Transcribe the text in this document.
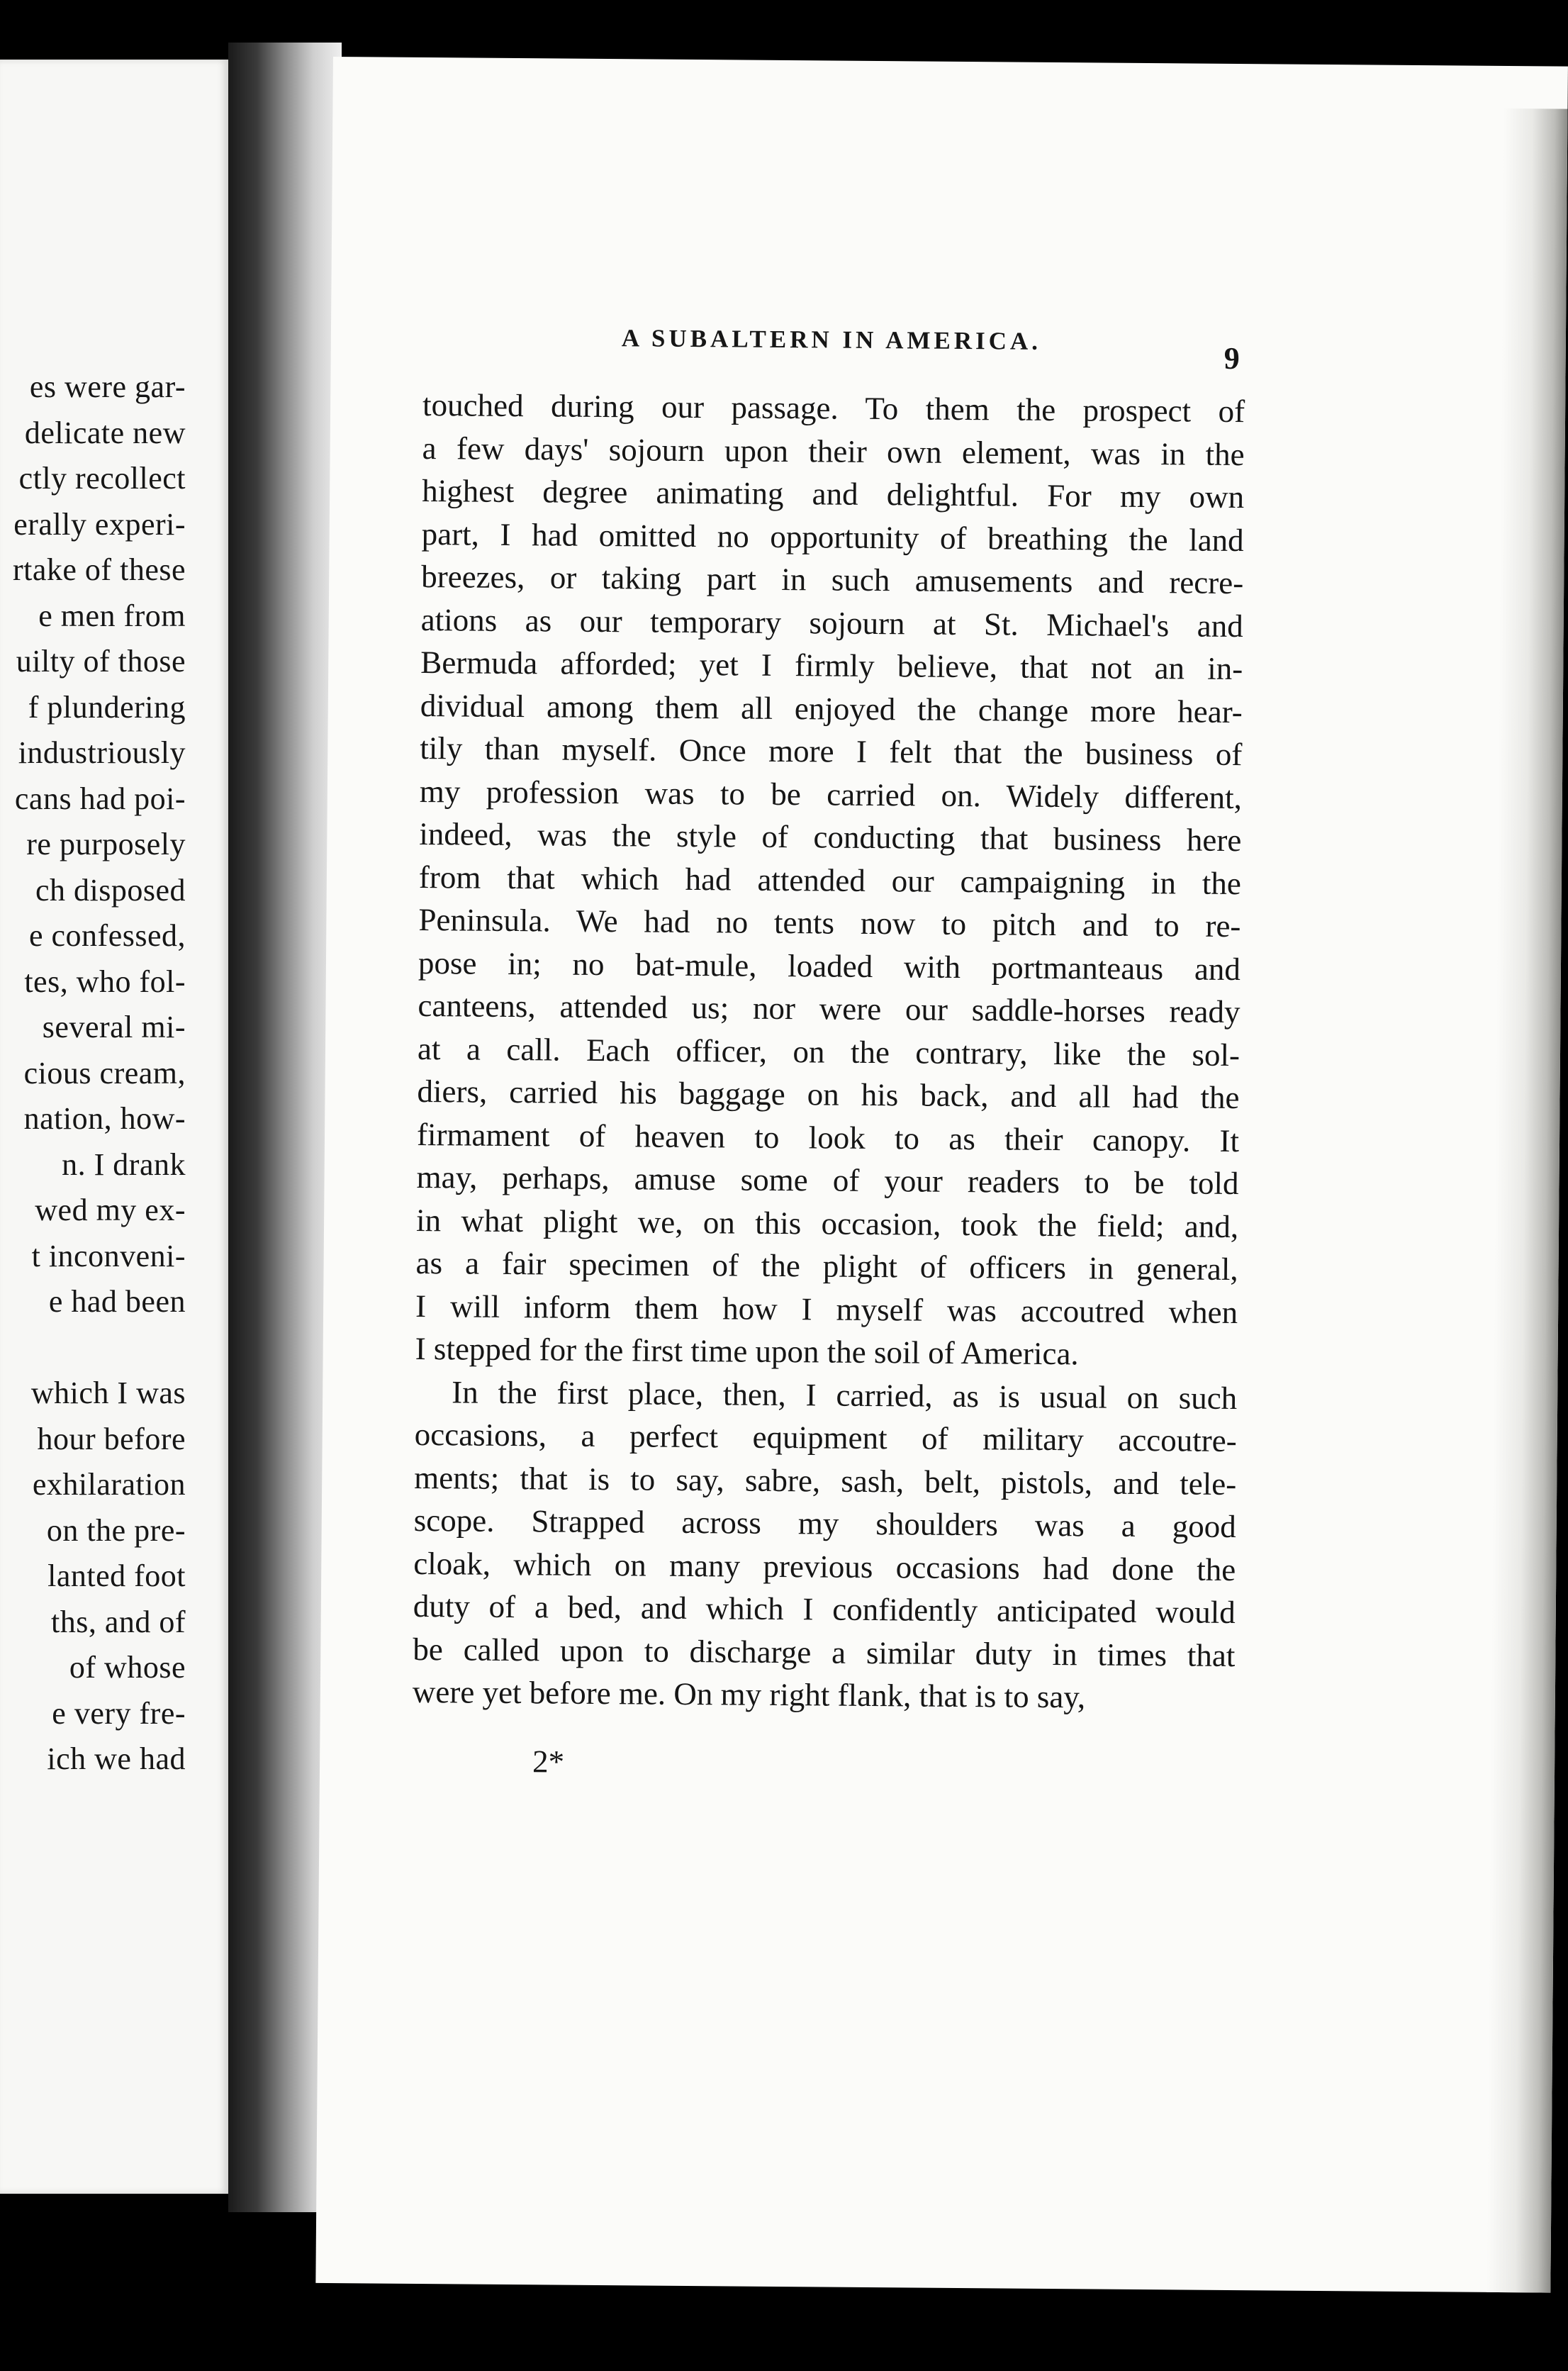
es were gar-
delicate new
ctly recollect
erally experi-
rtake of these
e men from
uilty of those
f plundering
industriously
cans had poi-
re purposely
ch disposed
e confessed,
tes, who fol-
several mi-
cious cream,
nation, how-
n. I drank
wed my ex-
t inconveni-
e had been
which I was
hour before
exhilaration
on the pre-
lanted foot
ths, and of
of whose
e very fre-
ich we had
A SUBALTERN IN AMERICA.
9
touched during our passage. To them the prospect of
a few days' sojourn upon their own element, was in the
highest degree animating and delightful. For my own
part, I had omitted no opportunity of breathing the land
breezes, or taking part in such amusements and recre-
ations as our temporary sojourn at St. Michael's and
Bermuda afforded; yet I firmly believe, that not an in-
dividual among them all enjoyed the change more hear-
tily than myself. Once more I felt that the business of
my profession was to be carried on. Widely different,
indeed, was the style of conducting that business here
from that which had attended our campaigning in the
Peninsula. We had no tents now to pitch and to re-
pose in; no bat-mule, loaded with portmanteaus and
canteens, attended us; nor were our saddle-horses ready
at a call. Each officer, on the contrary, like the sol-
diers, carried his baggage on his back, and all had the
firmament of heaven to look to as their canopy. It
may, perhaps, amuse some of your readers to be told
in what plight we, on this occasion, took the field; and,
as a fair specimen of the plight of officers in general,
I will inform them how I myself was accoutred when
I stepped for the first time upon the soil of America.
In the first place, then, I carried, as is usual on such
occasions, a perfect equipment of military accoutre-
ments; that is to say, sabre, sash, belt, pistols, and tele-
scope. Strapped across my shoulders was a good
cloak, which on many previous occasions had done the
duty of a bed, and which I confidently anticipated would
be called upon to discharge a similar duty in times that
were yet before me. On my right flank, that is to say,
2*
